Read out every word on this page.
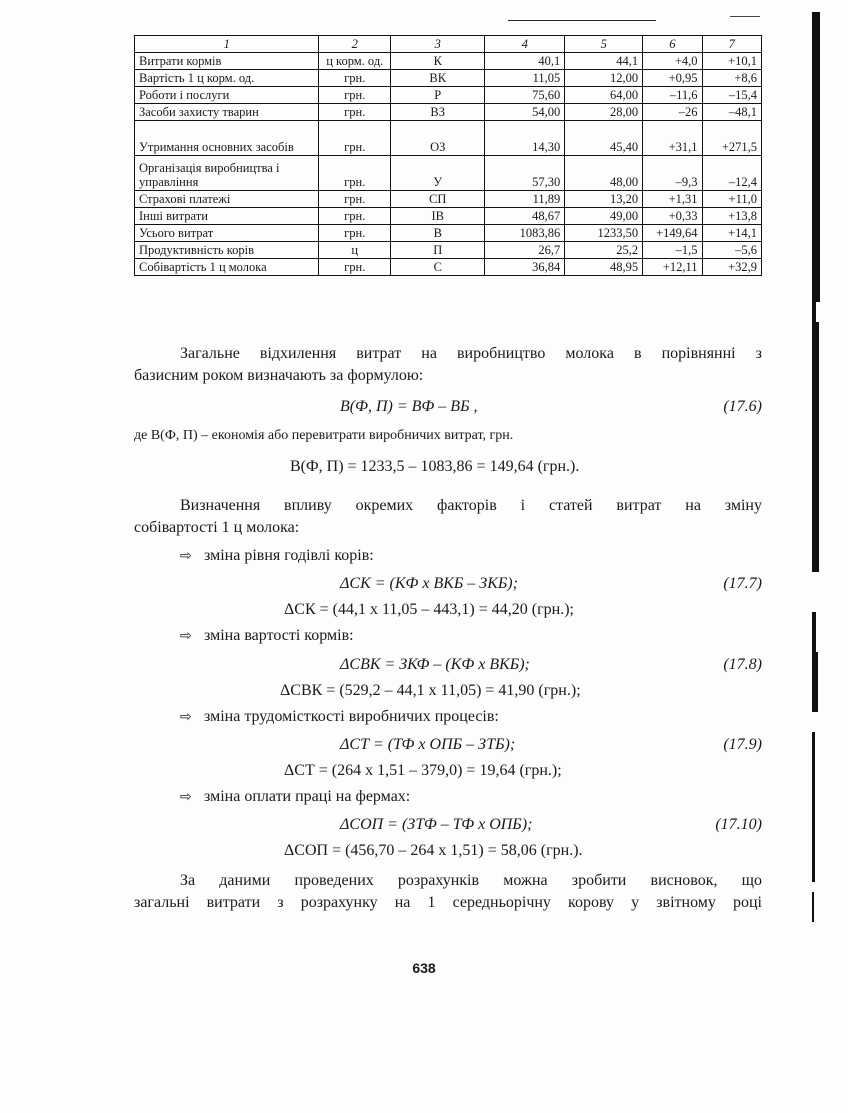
1	2	3	4	5	6	7
Витрати кормів	ц корм. од.	К	40,1	44,1	+4,0	+10,1
Вартість 1 ц корм. од.	грн.	ВК	11,05	12,00	+0,95	+8,6
Роботи і послуги	грн.	Р	75,60	64,00	–11,6	–15,4
Засоби захисту тварин	грн.	ВЗ	54,00	28,00	–26	–48,1
Утримання основних засобів	грн.	ОЗ	14,30	45,40	+31,1	+271,5
Організація виробництва і управління	грн.	У	57,30	48,00	–9,3	–12,4
Страхові платежі	грн.	СП	11,89	13,20	+1,31	+11,0
Інші витрати	грн.	ІВ	48,67	49,00	+0,33	+13,8
Усього витрат	грн.	В	1083,86	1233,50	+149,64	+14,1
Продуктивність корів	ц	П	26,7	25,2	–1,5	–5,6
Собівартість 1 ц молока	грн.	С	36,84	48,95	+12,11	+32,9
Загальне відхилення витрат на виробництво молока в порівнянні з
базисним роком визначають за формулою:
B(Ф, П) = BФ – BБ ,	(17.6)
де B(Ф, П) – економія або перевитрати виробничих витрат, грн.
B(Ф, П) = 1233,5 – 1083,86 = 149,64 (грн.).
Визначення впливу окремих факторів і статей витрат на зміну
собівартості 1 ц молока:
⇨ зміна рівня годівлі корів:
ΔCК = (KФ x ВКБ – ЗКБ);	(17.7)
ΔCК = (44,1 x 11,05 – 443,1) = 44,20 (грн.);
⇨ зміна вартості кормів:
ΔCВК = ЗКФ – (KФ x ВКБ);	(17.8)
ΔCВК = (529,2 – 44,1 x 11,05) = 41,90 (грн.);
⇨ зміна трудомісткості виробничих процесів:
ΔCТ = (ТФ x ОПБ – ЗТБ);	(17.9)
ΔCТ = (264 x 1,51 – 379,0) = 19,64 (грн.);
⇨ зміна оплати праці на фермах:
ΔCОП = (ЗТФ – ТФ x ОПБ);	(17.10)
ΔCОП = (456,70 – 264 x 1,51) = 58,06 (грн.).
За даними проведених розрахунків можна зробити висновок, що
загальні витрати з розрахунку на 1 середньорічну корову у звітному році
638
